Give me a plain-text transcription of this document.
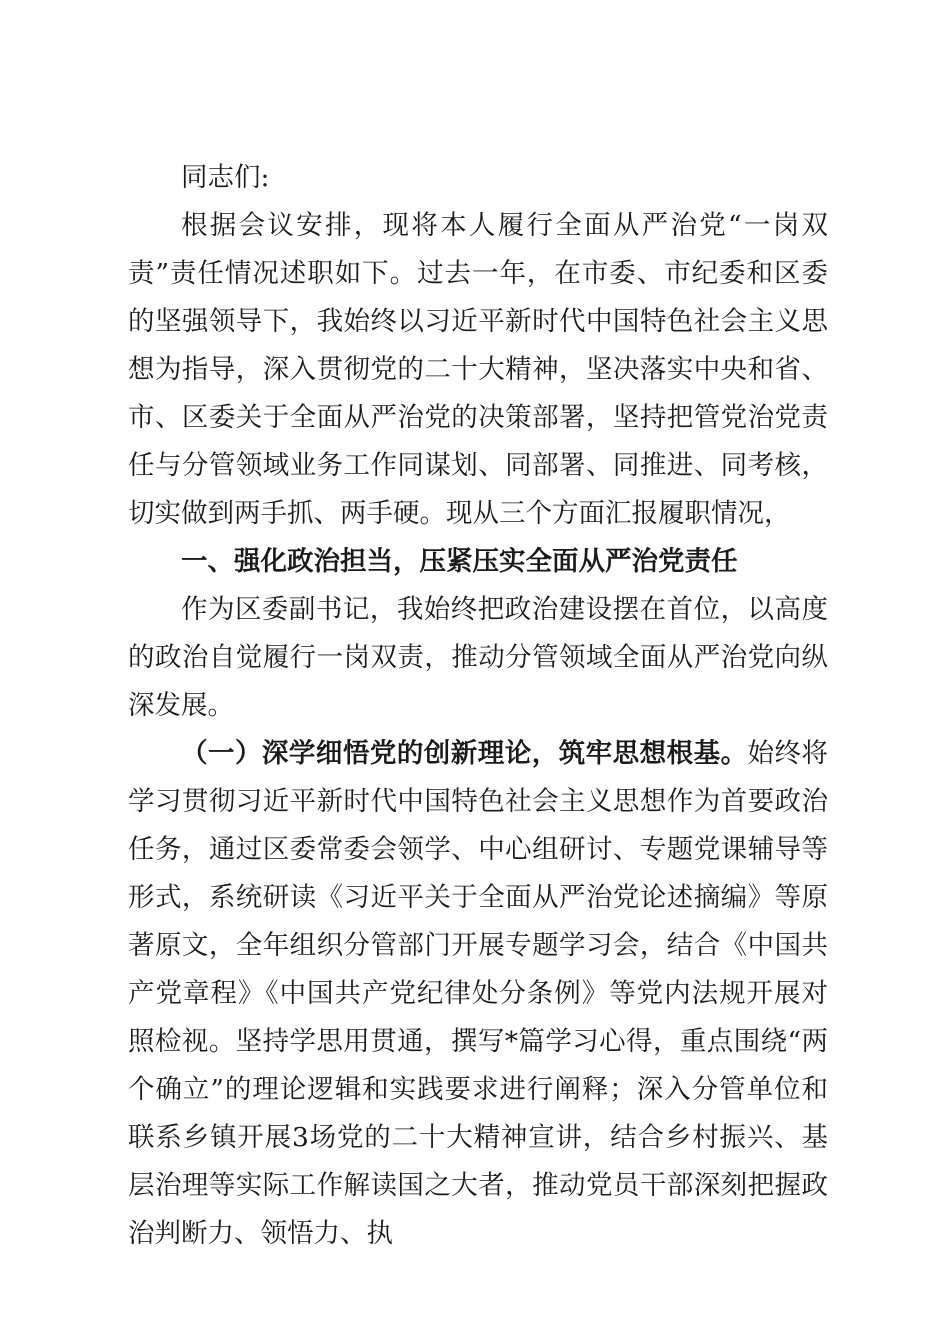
同志们:

根据会议安排，现将本人履行全面从严治党“一岗双责”责任情况述职如下。过去一年，在市委、市纪委和区委的坚强领导下，我始终以习近平新时代中国特色社会主义思想为指导，深入贯彻党的二十大精神，坚决落实中央和省、市、区委关于全面从严治党的决策部署，坚持把管党治党责任与分管领域业务工作同谋划、同部署、同推进、同考核，切实做到两手抓、两手硬。现从三个方面汇报履职情况，

一、强化政治担当，压紧压实全面从严治党责任

作为区委副书记，我始终把政治建设摆在首位，以高度的政治自觉履行一岗双责，推动分管领域全面从严治党向纵深发展。

（一）深学细悟党的创新理论，筑牢思想根基。始终将学习贯彻习近平新时代中国特色社会主义思想作为首要政治任务，通过区委常委会领学、中心组研讨、专题党课辅导等形式，系统研读《习近平关于全面从严治党论述摘编》等原著原文，全年组织分管部门开展专题学习会，结合《中国共产党章程》《中国共产党纪律处分条例》等党内法规开展对照检视。坚持学思用贯通，撰写*篇学习心得，重点围绕“两个确立”的理论逻辑和实践要求进行阐释；深入分管单位和联系乡镇开展3场党的二十大精神宣讲，结合乡村振兴、基层治理等实际工作解读国之大者，推动党员干部深刻把握政治判断力、领悟力、执
